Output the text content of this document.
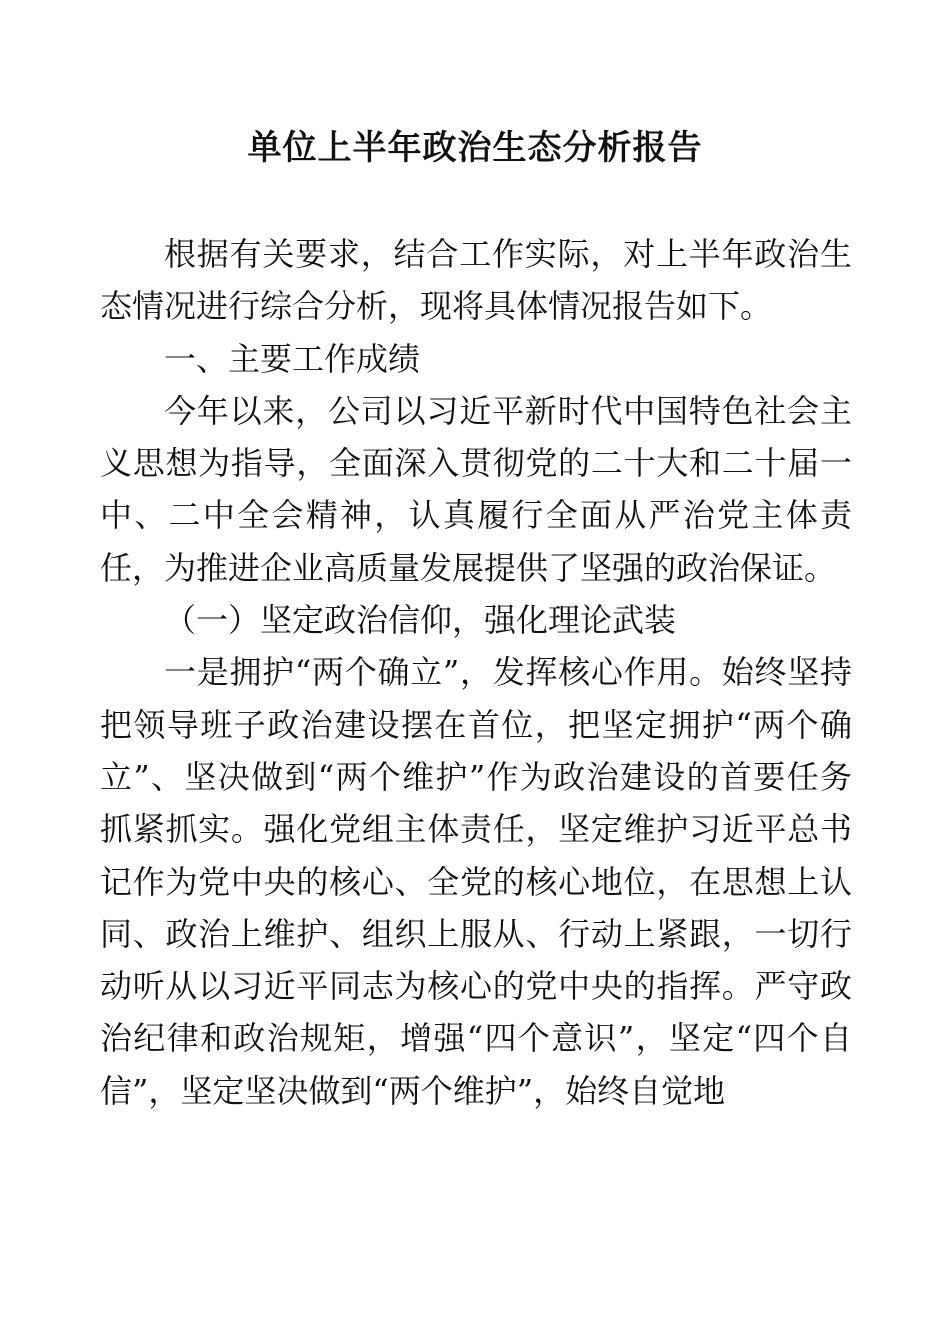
单位上半年政治生态分析报告

根据有关要求，结合工作实际，对上半年政治生态情况进行综合分析，现将具体情况报告如下。

一、主要工作成绩

今年以来，公司以习近平新时代中国特色社会主义思想为指导，全面深入贯彻党的二十大和二十届一中、二中全会精神，认真履行全面从严治党主体责任，为推进企业高质量发展提供了坚强的政治保证。

（一）坚定政治信仰，强化理论武装

一是拥护“两个确立”，发挥核心作用。始终坚持把领导班子政治建设摆在首位，把坚定拥护“两个确立”、坚决做到“两个维护”作为政治建设的首要任务抓紧抓实。强化党组主体责任，坚定维护习近平总书记作为党中央的核心、全党的核心地位，在思想上认同、政治上维护、组织上服从、行动上紧跟，一切行动听从以习近平同志为核心的党中央的指挥。严守政治纪律和政治规矩，增强“四个意识”，坚定“四个自信”，坚定坚决做到“两个维护”，始终自觉地
